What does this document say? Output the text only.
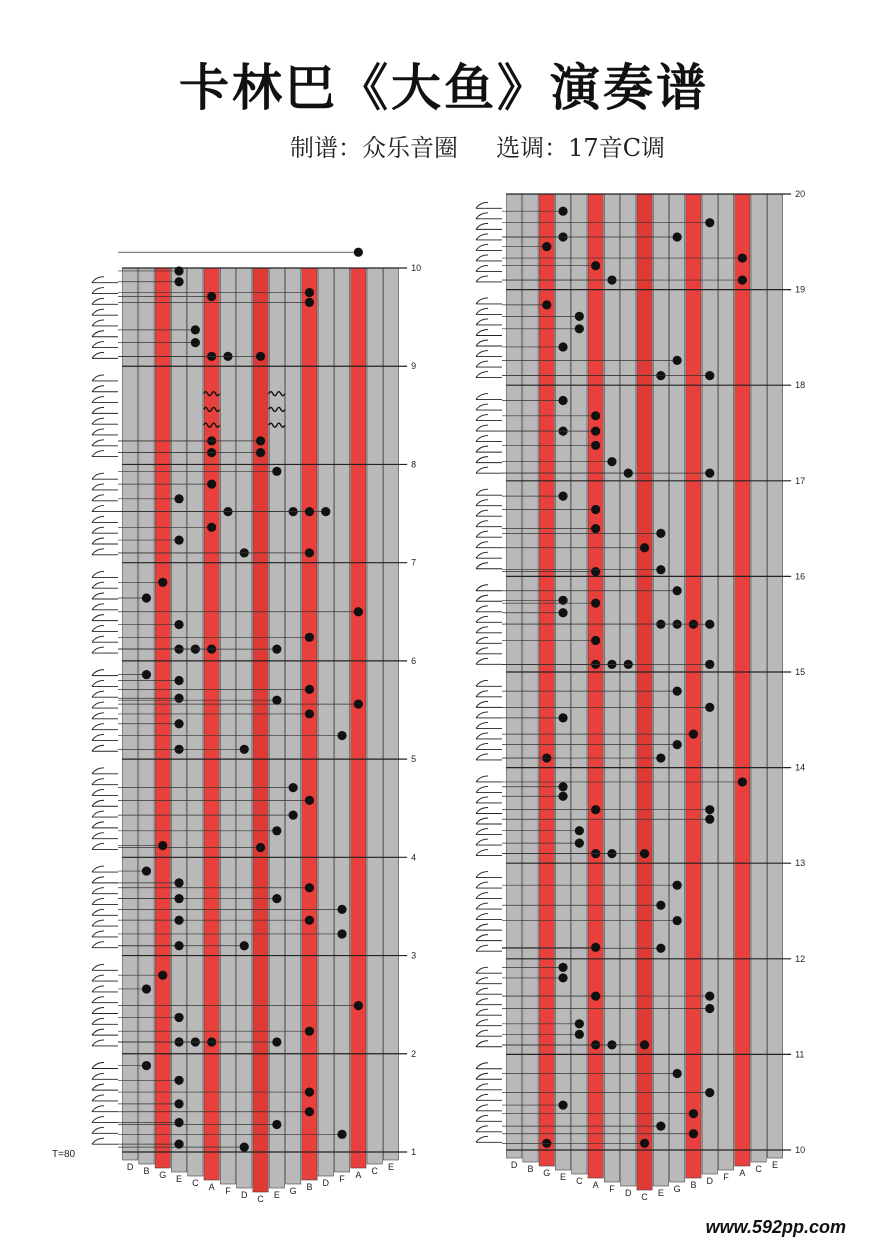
卡林巴《大鱼》演奏谱
制谱：众乐音圈 选调：17音C调
D B G E C A F D C E G B D F A C E
1
2
3
4
5
6
7
8
9
10
D B G E C A F D C E G B D F A C E
10
11
12
13
14
15
16
17
18
19
20
T=80
www.592pp.com
